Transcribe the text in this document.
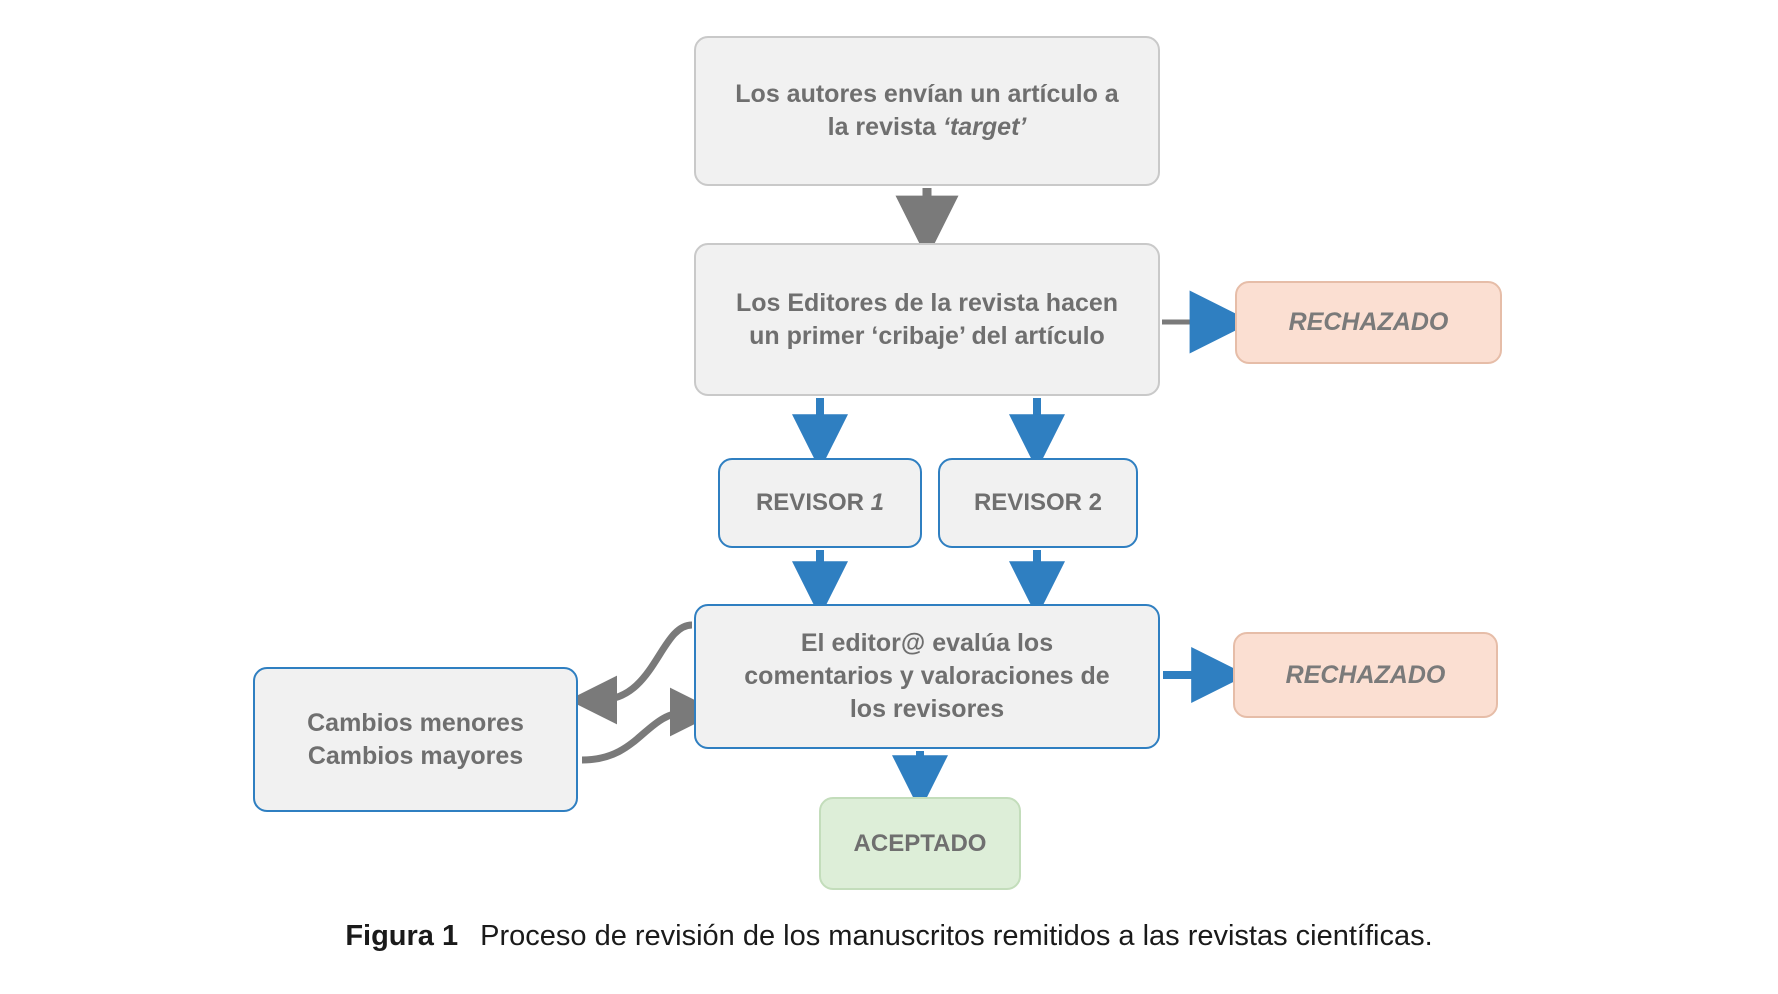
Los autores envían un artículo a
la revista ‘target’
Los Editores de la revista hacen
un primer ‘cribaje’ del artículo	RECHAZADO
REVISOR 1	REVISOR 2
El editor@ evalúa los
comentarios y valoraciones de
los revisores
RECHAZADO
Cambios menores
Cambios mayores
ACEPTADO
Figura 1 Proceso de revisión de los manuscritos remitidos a las revistas científicas.
